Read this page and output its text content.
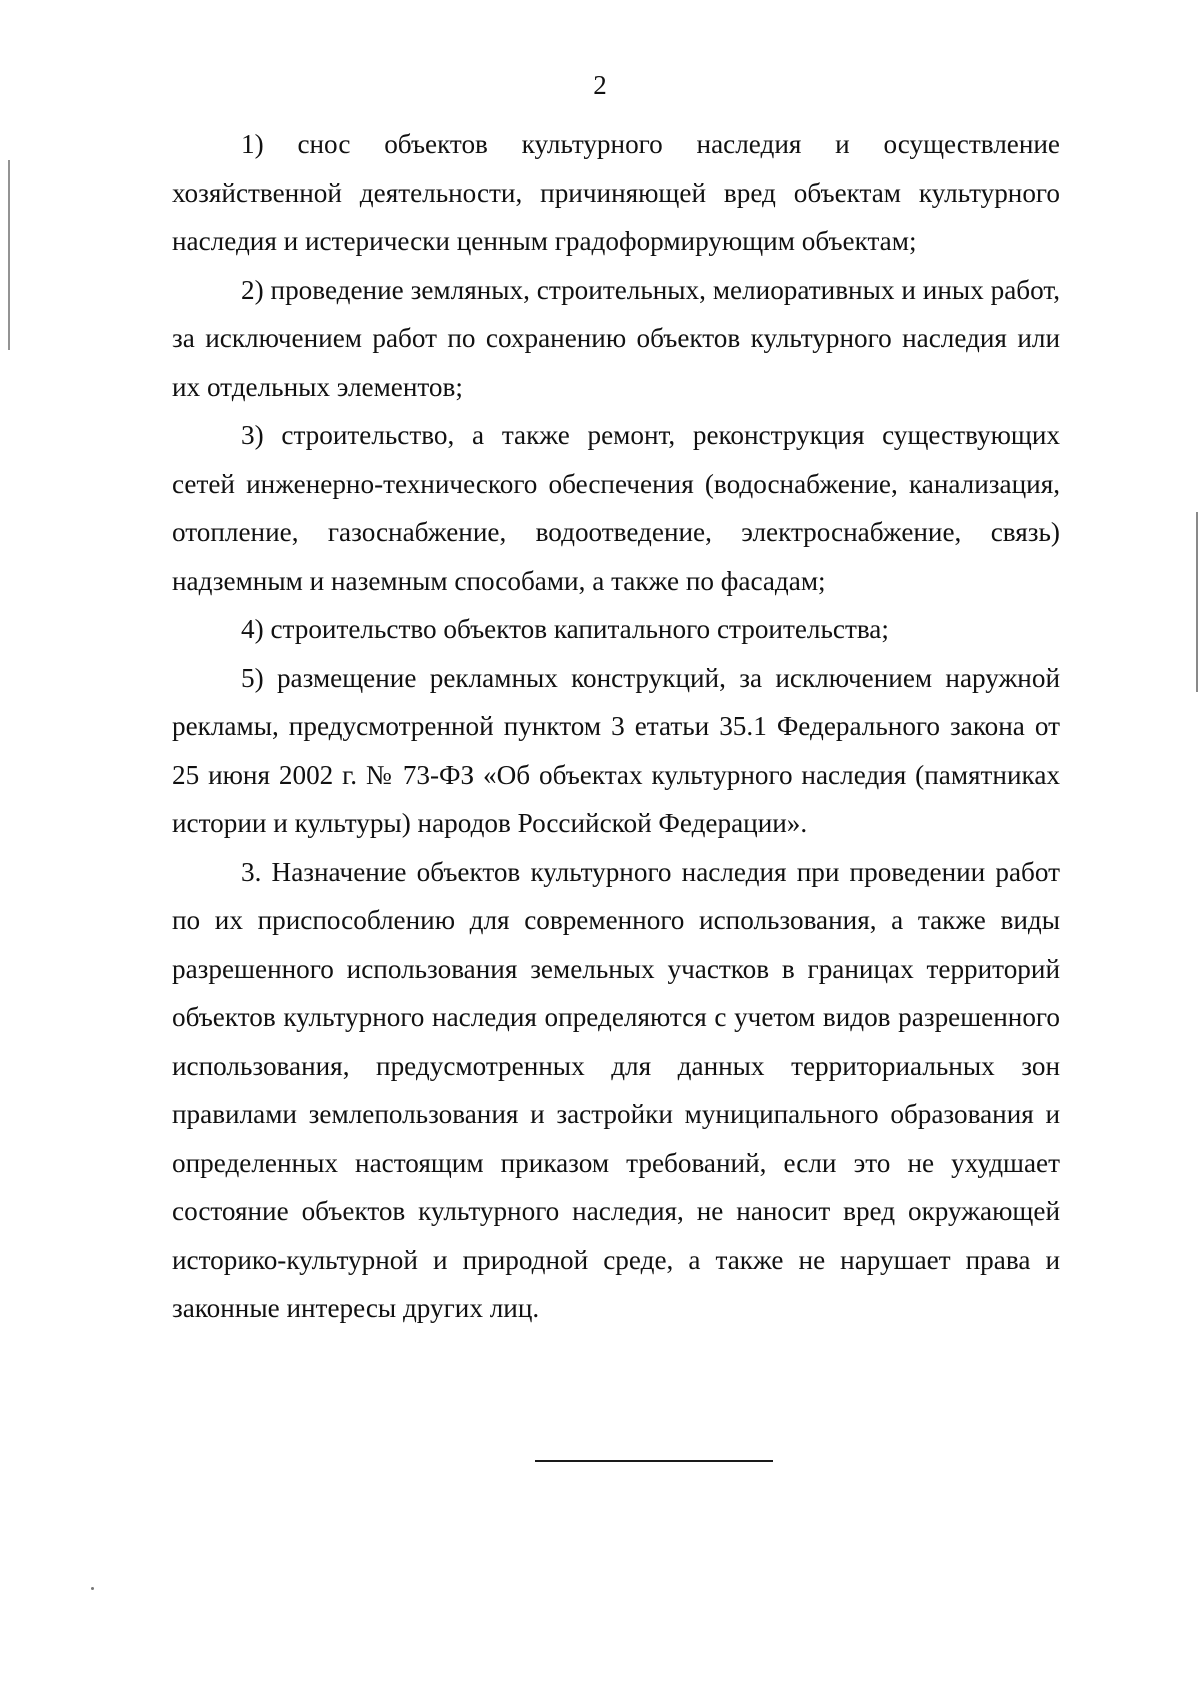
2

1) снос объектов культурного наследия и осуществление хозяйственной деятельности, причиняющей вред объектам культурного наследия и истерически ценным градоформирующим объектам;

2) проведение земляных, строительных, мелиоративных и иных работ, за исключением работ по сохранению объектов культурного наследия или их отдельных элементов;

3) строительство, а также ремонт, реконструкция существующих сетей инженерно-технического обеспечения (водоснабжение, канализация, отопление, газоснабжение, водоотведение, электроснабжение, связь) надземным и наземным способами, а также по фасадам;

4) строительство объектов капитального строительства;

5) размещение рекламных конструкций, за исключением наружной рекламы, предусмотренной пунктом 3 етатьи 35.1 Федерального закона от 25 июня 2002 г. № 73-ФЗ «Об объектах культурного наследия (памятниках истории и культуры) народов Российской Федерации».

3. Назначение объектов культурного наследия при проведении работ по их приспособлению для современного использования, а также виды разрешенного использования земельных участков в границах территорий объектов культурного наследия определяются с учетом видов разрешенного использования, предусмотренных для данных территориальных зон правилами землепользования и застройки муниципального образования и определенных настоящим приказом требований, если это не ухудшает состояние объектов культурного наследия, не наносит вред окружающей историко-культурной и природной среде, а также не нарушает права и законные интересы других лиц.
